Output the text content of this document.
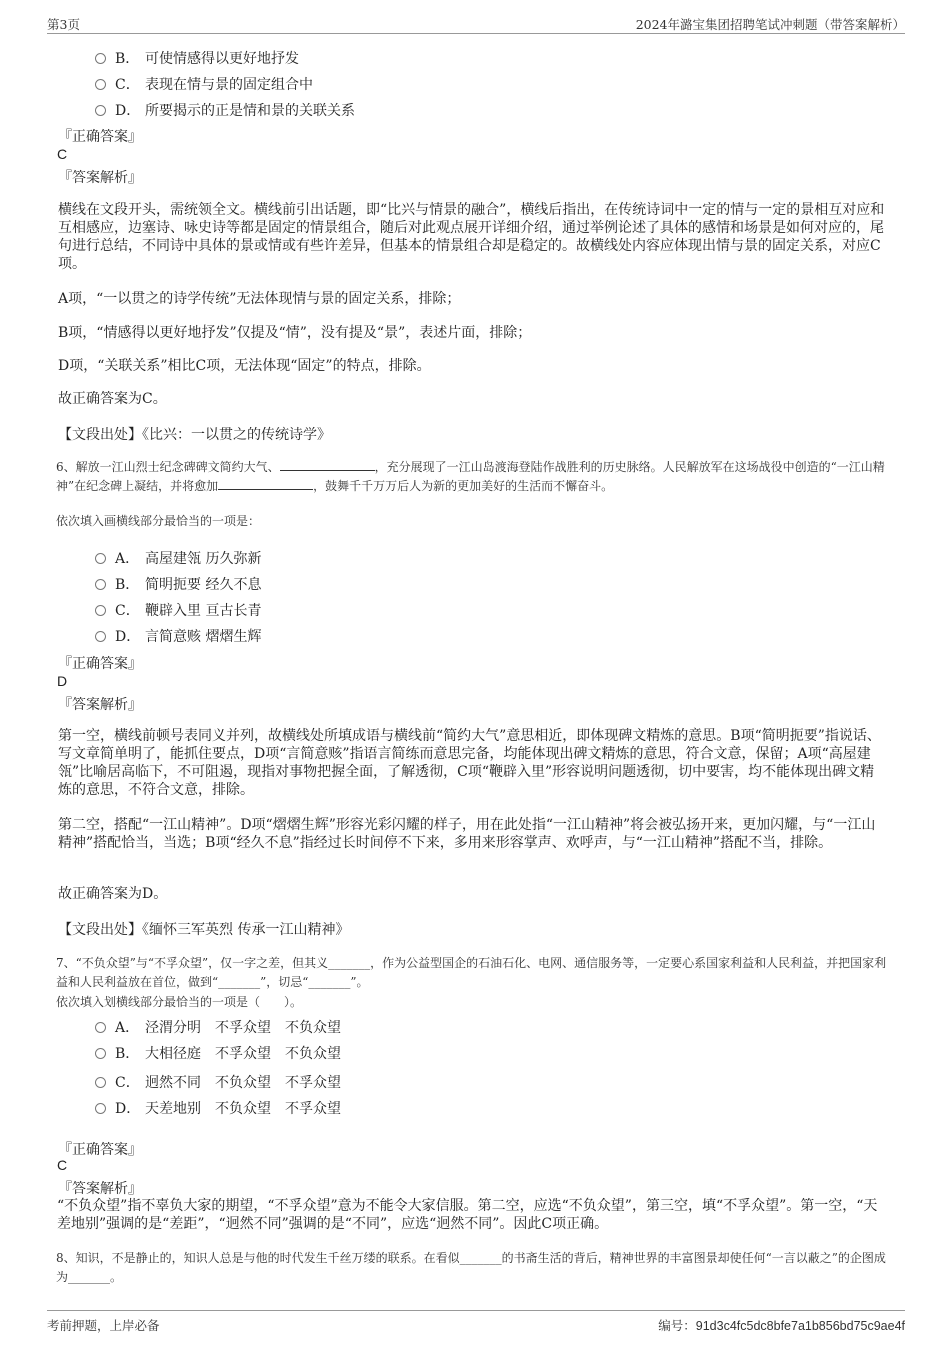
第3页	2024年潞宝集团招聘笔试冲刺题（带答案解析）
B． 可使情感得以更好地抒发
C． 表现在情与景的固定组合中
D． 所要揭示的正是情和景的关联关系
『正确答案』
C
『答案解析』
横线在文段开头，需统领全文。横线前引出话题，即“比兴与情景的融合”，横线后指出，在传统诗词中一定的情与一定的景相互对应和互相感应，边塞诗、咏史诗等都是固定的情景组合，随后对此观点展开详细介绍，通过举例论述了具体的感情和场景是如何对应的，尾句进行总结，不同诗中具体的景或情或有些许差异，但基本的情景组合却是稳定的。故横线处内容应体现出情与景的固定关系，对应C项。
A项，“一以贯之的诗学传统”无法体现情与景的固定关系，排除；
B项，“情感得以更好地抒发”仅提及“情”，没有提及“景”，表述片面，排除；
D项，“关联关系”相比C项，无法体现“固定”的特点，排除。
故正确答案为C。
【文段出处】《比兴：一以贯之的传统诗学》
6、解放一江山烈士纪念碑碑文简约大气、	，充分展现了一江山岛渡海登陆作战胜利的历史脉络。人民解放军在这场战役中创造的“一江山精神”在纪念碑上凝结，并将愈加	，鼓舞千千万万后人为新的更加美好的生活而不懈奋斗。
依次填入画横线部分最恰当的一项是：
A． 高屋建瓴 历久弥新
B． 简明扼要 经久不息
C． 鞭辟入里 亘古长青
D． 言简意赅 熠熠生辉
『正确答案』
D
『答案解析』
第一空，横线前顿号表同义并列，故横线处所填成语与横线前“简约大气”意思相近，即体现碑文精炼的意思。B项“简明扼要”指说话、写文章简单明了，能抓住要点，D项“言简意赅”指语言简练而意思完备，均能体现出碑文精炼的意思，符合文意，保留；A项“高屋建瓴”比喻居高临下，不可阻遏，现指对事物把握全面，了解透彻，C项“鞭辟入里”形容说明问题透彻，切中要害，均不能体现出碑文精炼的意思，不符合文意，排除。
第二空，搭配“一江山精神”。D项“熠熠生辉”形容光彩闪耀的样子，用在此处指“一江山精神”将会被弘扬开来，更加闪耀，与“一江山精神”搭配恰当，当选；B项“经久不息”指经过长时间停不下来，多用来形容掌声、欢呼声，与“一江山精神”搭配不当，排除。
故正确答案为D。
【文段出处】《缅怀三军英烈 传承一江山精神》
7、“不负众望”与“不孚众望”，仅一字之差，但其义_______，作为公益型国企的石油石化、电网、通信服务等，一定要心系国家利益和人民利益，并把国家利益和人民利益放在首位，做到“_______”，切忌“_______”。
依次填入划横线部分最恰当的一项是（　　）。
A． 泾渭分明　不孚众望　不负众望
B． 大相径庭　不孚众望　不负众望
C． 迥然不同　不负众望　不孚众望
D． 天差地别　不负众望　不孚众望
『正确答案』
C
『答案解析』
“不负众望”指不辜负大家的期望，“不孚众望”意为不能令大家信服。第二空，应选“不负众望”，第三空，填“不孚众望”。第一空，“天差地别”强调的是“差距”，“迥然不同”强调的是“不同”，应选“迥然不同”。因此C项正确。
8、知识，不是静止的，知识人总是与他的时代发生千丝万缕的联系。在看似_______的书斋生活的背后，精神世界的丰富图景却使任何“一言以蔽之”的企图成为_______。
考前押题，上岸必备	编号：91d3c4fc5dc8bfe7a1b856bd75c9ae4f
